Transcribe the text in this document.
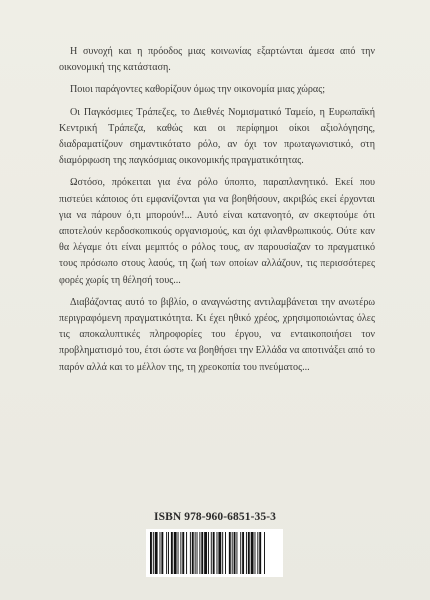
Η συνοχή και η πρόοδος μιας κοινωνίας εξαρτώνται άμεσα από την οικονομική της κατάσταση.

Ποιοι παράγοντες καθορίζουν όμως την οικονομία μιας χώρας;

Οι Παγκόσμιες Τράπεζες, το Διεθνές Νομισματικό Ταμείο, η Ευρωπαϊκή Κεντρική Τράπεζα, καθώς και οι περίφημοι οίκοι αξιολόγησης, διαδραματίζουν σημαντικότατο ρόλο, αν όχι τον πρωταγωνιστικό, στη διαμόρφωση της παγκόσμιας οικονομικής πραγματικότητας.

Ωστόσο, πρόκειται για ένα ρόλο ύποπτο, παραπλανητικό. Εκεί που πιστεύει κάποιος ότι εμφανίζονται για να βοηθήσουν, ακριβώς εκεί έρχονται για να πάρουν ό,τι μπορούν!... Αυτό είναι κατανοητό, αν σκεφτούμε ότι αποτελούν κερδοσκοπικούς οργανισμούς, και όχι φιλανθρωπικούς. Ούτε καν θα λέγαμε ότι είναι μεμπτός ο ρόλος τους, αν παρουσίαζαν το πραγματικό τους πρόσωπο στους λαούς, τη ζωή των οποίων αλλάζουν, τις περισσότερες φορές χωρίς τη θέλησή τους...

Διαβάζοντας αυτό το βιβλίο, ο αναγνώστης αντιλαμβάνεται την ανωτέρω περιγραφόμενη πραγματικότητα. Κι έχει ηθικό χρέος, χρησιμοποιώντας όλες τις αποκαλυπτικές πληροφορίες του έργου, να ενταικοποιήσει τον προβληματισμό του, έτσι ώστε να βοηθήσει την Ελλάδα να αποτινάξει από το παρόν αλλά και το μέλλον της, τη χρεοκοπία του πνεύματος...

ISBN 978-960-6851-35-3
